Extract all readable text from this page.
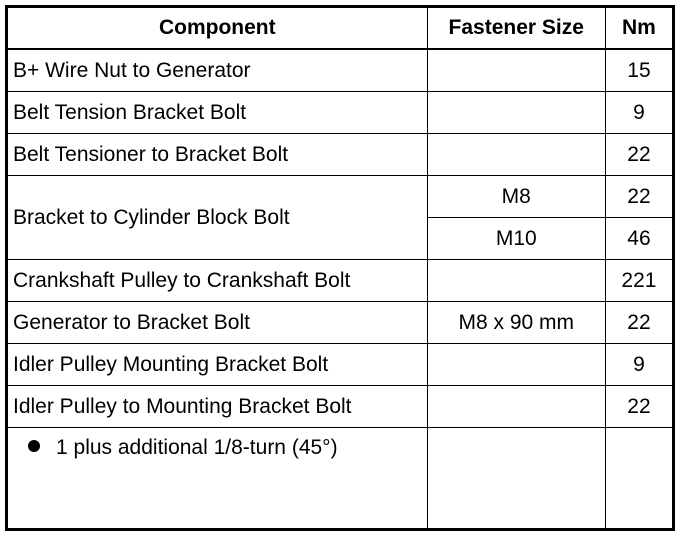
Component	Fastener Size	Nm
B+ Wire Nut to Generator		15
Belt Tension Bracket Bolt		9
Belt Tensioner to Bracket Bolt		22
Bracket to Cylinder Block Bolt	M8	22
	M10	46
Crankshaft Pulley to Crankshaft Bolt		221
Generator to Bracket Bolt	M8 x 90 mm	22
Idler Pulley Mounting Bracket Bolt		9
Idler Pulley to Mounting Bracket Bolt		22
1 plus additional 1/8-turn (45°)		
